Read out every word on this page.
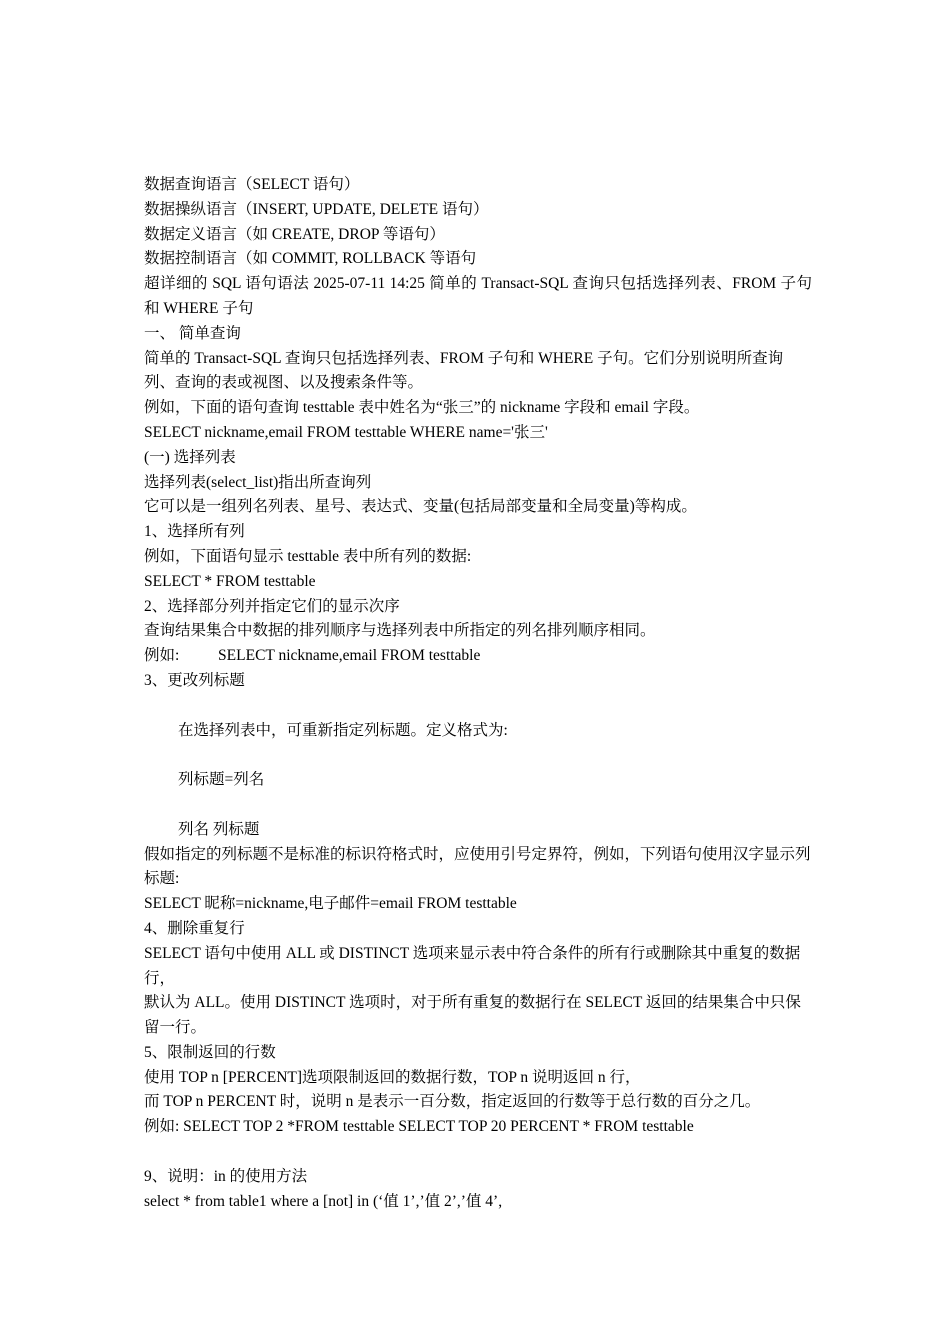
数据查询语言（SELECT 语句）
数据操纵语言（INSERT, UPDATE, DELETE 语句）
数据定义语言（如 CREATE, DROP 等语句）
数据控制语言（如 COMMIT, ROLLBACK 等语句
超详细的 SQL 语句语法 2025-07-11 14:25 简单的 Transact-SQL 查询只包括选择列表、FROM 子句和 WHERE 子句
一、 简单查询
简单的 Transact-SQL 查询只包括选择列表、FROM 子句和 WHERE 子句。它们分别说明所查询列、查询的表或视图、以及搜索条件等。
例如，下面的语句查询 testtable 表中姓名为“张三”的 nickname 字段和 email 字段。
SELECT nickname,email FROM testtable WHERE name='张三'
(一) 选择列表
选择列表(select_list)指出所查询列
它可以是一组列名列表、星号、表达式、变量(包括局部变量和全局变量)等构成。
1、选择所有列
例如，下面语句显示 testtable 表中所有列的数据:
SELECT * FROM testtable
2、选择部分列并指定它们的显示次序
查询结果集合中数据的排列顺序与选择列表中所指定的列名排列顺序相同。
例如:          SELECT nickname,email FROM testtable
3、更改列标题
在选择列表中，可重新指定列标题。定义格式为:
列标题=列名
列名 列标题
假如指定的列标题不是标准的标识符格式时，应使用引号定界符，例如，下列语句使用汉字显示列标题:
SELECT 昵称=nickname,电子邮件=email FROM testtable
4、删除重复行
SELECT 语句中使用 ALL 或 DISTINCT 选项来显示表中符合条件的所有行或删除其中重复的数据行，
默认为 ALL。使用 DISTINCT 选项时，对于所有重复的数据行在 SELECT 返回的结果集合中只保留一行。
5、限制返回的行数
使用 TOP n [PERCENT]选项限制返回的数据行数，TOP n 说明返回 n 行，
而 TOP n PERCENT 时，说明 n 是表示一百分数，指定返回的行数等于总行数的百分之几。
例如: SELECT TOP 2 *FROM testtable SELECT TOP 20 PERCENT * FROM testtable
9、说明：in 的使用方法
select * from table1 where a [not] in (‘值 1’,’值 2’,’值 4’,
